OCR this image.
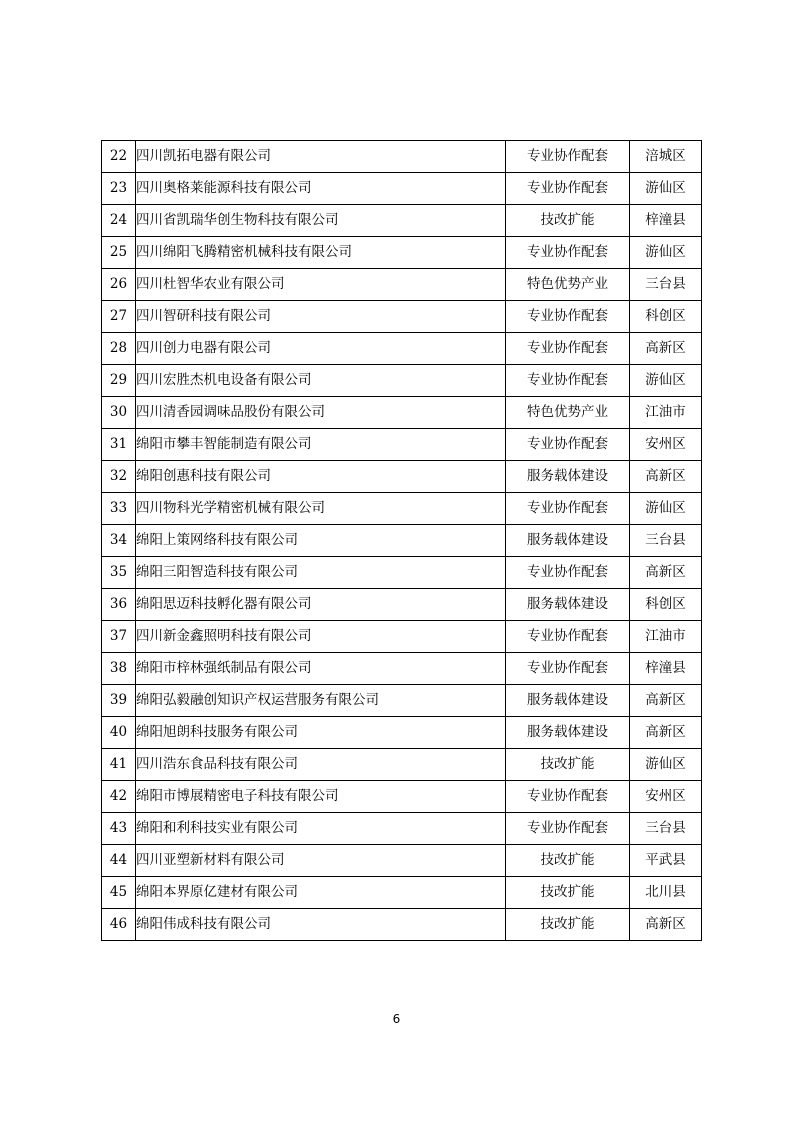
22	四川凯拓电器有限公司	专业协作配套	涪城区
23	四川奥格莱能源科技有限公司	专业协作配套	游仙区
24	四川省凯瑞华创生物科技有限公司	技改扩能	梓潼县
25	四川绵阳飞腾精密机械科技有限公司	专业协作配套	游仙区
26	四川杜智华农业有限公司	特色优势产业	三台县
27	四川智研科技有限公司	专业协作配套	科创区
28	四川创力电器有限公司	专业协作配套	高新区
29	四川宏胜杰机电设备有限公司	专业协作配套	游仙区
30	四川清香园调味品股份有限公司	特色优势产业	江油市
31	绵阳市攀丰智能制造有限公司	专业协作配套	安州区
32	绵阳创惠科技有限公司	服务载体建设	高新区
33	四川物科光学精密机械有限公司	专业协作配套	游仙区
34	绵阳上策网络科技有限公司	服务载体建设	三台县
35	绵阳三阳智造科技有限公司	专业协作配套	高新区
36	绵阳思迈科技孵化器有限公司	服务载体建设	科创区
37	四川新金鑫照明科技有限公司	专业协作配套	江油市
38	绵阳市梓林强纸制品有限公司	专业协作配套	梓潼县
39	绵阳弘毅融创知识产权运营服务有限公司	服务载体建设	高新区
40	绵阳旭朗科技服务有限公司	服务载体建设	高新区
41	四川浩东食品科技有限公司	技改扩能	游仙区
42	绵阳市博展精密电子科技有限公司	专业协作配套	安州区
43	绵阳和利科技实业有限公司	专业协作配套	三台县
44	四川亚塑新材料有限公司	技改扩能	平武县
45	绵阳本界原亿建材有限公司	技改扩能	北川县
46	绵阳伟成科技有限公司	技改扩能	高新区
6
